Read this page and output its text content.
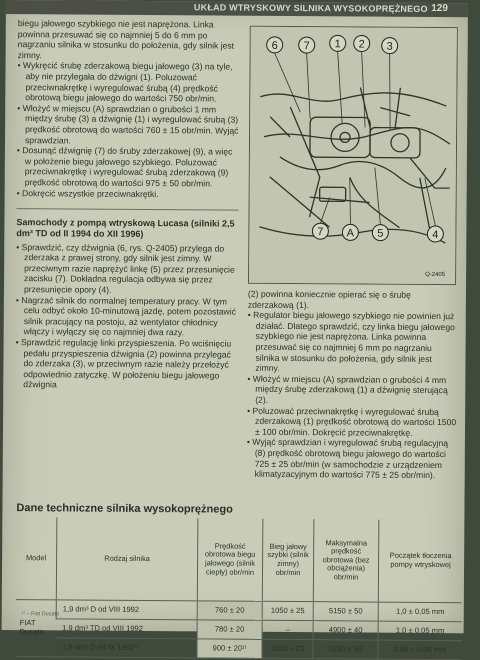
UKŁAD WTRYSKOWY SILNIKA WYSOKOPRĘŻNEGO 129

biegu jałowego szybkiego nie jest naprężona. Linka powinna przesuwać się co najmniej 5 do 6 mm po nagrzaniu silnika w stosunku do położenia, gdy silnik jest zimny.

• Wykręcić śrubę zderzakową biegu jałowego (3) na tyle, aby nie przylegała do dźwigni (1). Poluzować przeciwnakrętkę i wyregulować śrubą (4) prędkość obrotową biegu jałowego do wartości 750 obr/min.

• Włożyć w miejscu (A) sprawdzian o grubości 1 mm między śrubę (3) a dźwignię (1) i wyregulować śrubą (3) prędkość obrotową do wartości 760 ± 15 obr/min. Wyjąć sprawdzian.

• Dosunąć dźwignię (7) do śruby zderzakowej (9), a więc w położenie biegu jałowego szybkiego. Poluzować przeciwnakrętkę i wyregulować śrubą zderzakową (9) prędkość obrotową do wartości 975 ± 50 obr/min.

• Dokręcić wszystkie przeciwnakrętki.

Samochody z pompą wtryskową Lucasa (silniki 2,5 dm³ TD od II 1994 do XII 1996)

• Sprawdzić, czy dźwignia (6, rys. Q-2405) przylega do zderzaka z prawej strony, gdy silnik jest zimny. W przeciwnym razie naprężyć linkę (5) przez przesunięcie zacisku (7). Dokładna regulacja odbywa się przez przesunięcie opory (4).

• Nagrzać silnik do normalnej temperatury pracy. W tym celu odbyć około 10-minutową jazdę, potem pozostawić silnik pracujący na postoju, aż wentylator chłodnicy włączy i wyłączy się co najmniej dwa razy.

• Sprawdzić regulację linki przyspieszenia. Po wciśnięciu pedału przyspieszenia dźwignia (2) powinna przylegać do zderzaka (3), w przeciwnym razie należy przełożyć odpowiednio zatyczkę. W położeniu biegu jałowego dźwignia

6 7 1 2 3
7 A 5	4
Q-2405

(2) powinna koniecznie opierać się o śrubę zderzakową (1).

• Regulator biegu jałowego szybkiego nie powinien już działać. Dlatego sprawdzić, czy linka biegu jałowego szybkiego nie jest naprężona. Linka powinna przesuwać się co najmniej 6 mm po nagrzaniu silnika w stosunku do położenia, gdy silnik jest zimny.

• Włożyć w miejscu (A) sprawdzian o grubości 4 mm między śrubę zderzakową (1) a dźwignię sterującą (2).

• Poluzować przeciwnakrętkę i wyregulować śrubą zderzakową (1) prędkość obrotową do wartości 1500 ± 100 obr/min. Dokręcić przeciwnakrętkę.

• Wyjąć sprawdzian i wyregulować śrubą regulacyjną (8) prędkość obrotową biegu jałowego do wartości 725 ± 25 obr/min (w samochodzie z urządzeniem klimatyzacyjnym do wartości 775 ± 25 obr/min).

Dane techniczne silnika wysokoprężnego
Model	Rodzaj silnika	Prędkość obrotowa biegu jałowego (silnik ciepły) obr/min	Bieg jałowy szybki (silnik zimny) obr/min	Maksymalna prędkość obrotowa (bez obciążenia) obr/min	Początek tłoczenia pompy wtryskowej
FIAT
Ducato	1,9 dm³ D od VIII 1992	760 ± 20	1050 ± 25	5150 ± 50	1,0 ± 0,05 mm
	1,9 dm³ TD od VIII 1992	780 ± 20	–	4900 ± 40	1,0 ± 0,05 mm
	1,9 dm³ D od IX 1992¹⁾	900 ± 20¹⁾	1050 ± 25	5250 ± 50	0,86 ± 0,05 mm
¹⁾ – Fiat Ducato
